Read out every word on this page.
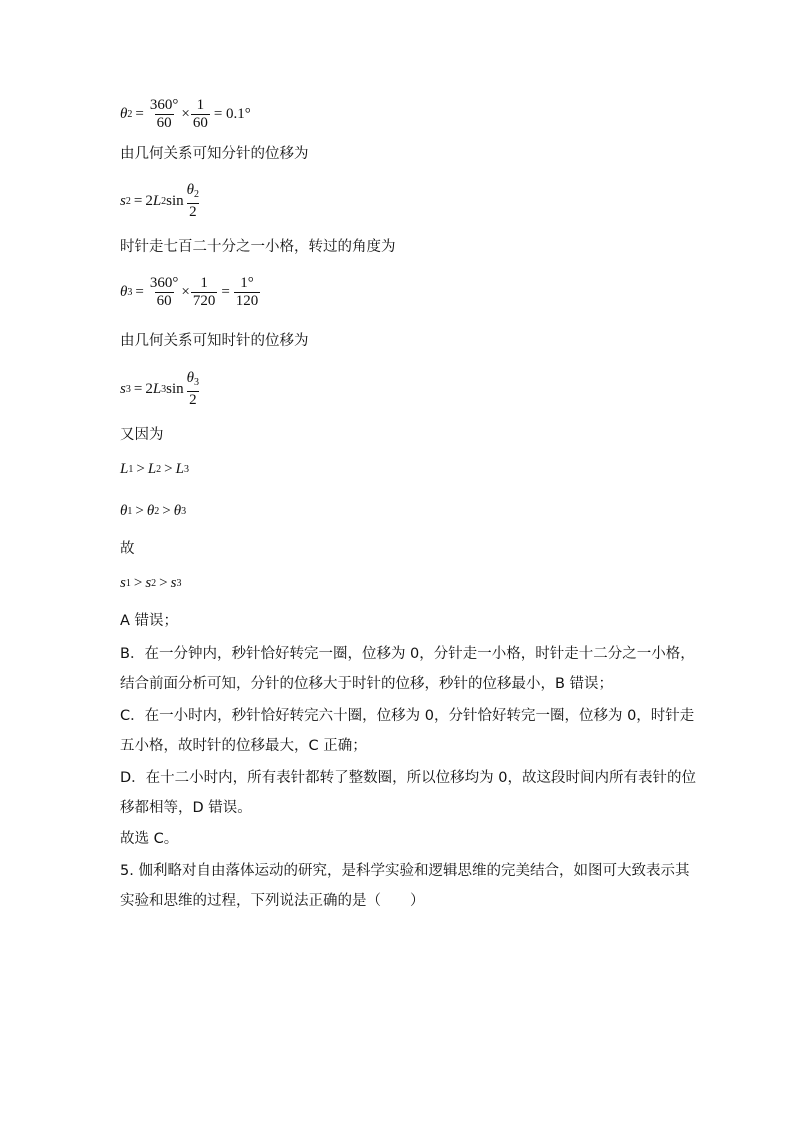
θ $2 = \frac{360^\circ}{60} \times \frac{1}{60} = 0.1^\circ$
由几何关系可知分针的位移为
s 2 = 2 L 2 $\sin \frac{\theta_2}{2}$
时针走七百二十分之一小格，转过的角度为
θ $3 = \frac{360^\circ}{60} \times \frac{1}{720} = \frac{1^\circ}{120}$
由几何关系可知时针的位移为
s 3 = 2 L 3 $\sin \frac{\theta_3}{2}$
又因为
L 1 > L 2 > L 3
θ 1 > θ 2 > θ 3
故
s 1 > s 2 > s 3
A 错误；
B．在一分钟内，秒针恰好转完一圈，位移为 0，分针走一小格，时针走十二分之一小格，
结合前面分析可知，分针的位移大于时针的位移，秒针的位移最小，B 错误；
C．在一小时内，秒针恰好转完六十圈，位移为 0，分针恰好转完一圈，位移为 0，时针走
五小格，故时针的位移最大，C 正确；
D．在十二小时内，所有表针都转了整数圈，所以位移均为 0，故这段时间内所有表针的位
移都相等，D 错误。
故选 C。
5. 伽利略对自由落体运动的研究，是科学实验和逻辑思维的完美结合，如图可大致表示其
实验和思维的过程，下列说法正确的是（　　）
